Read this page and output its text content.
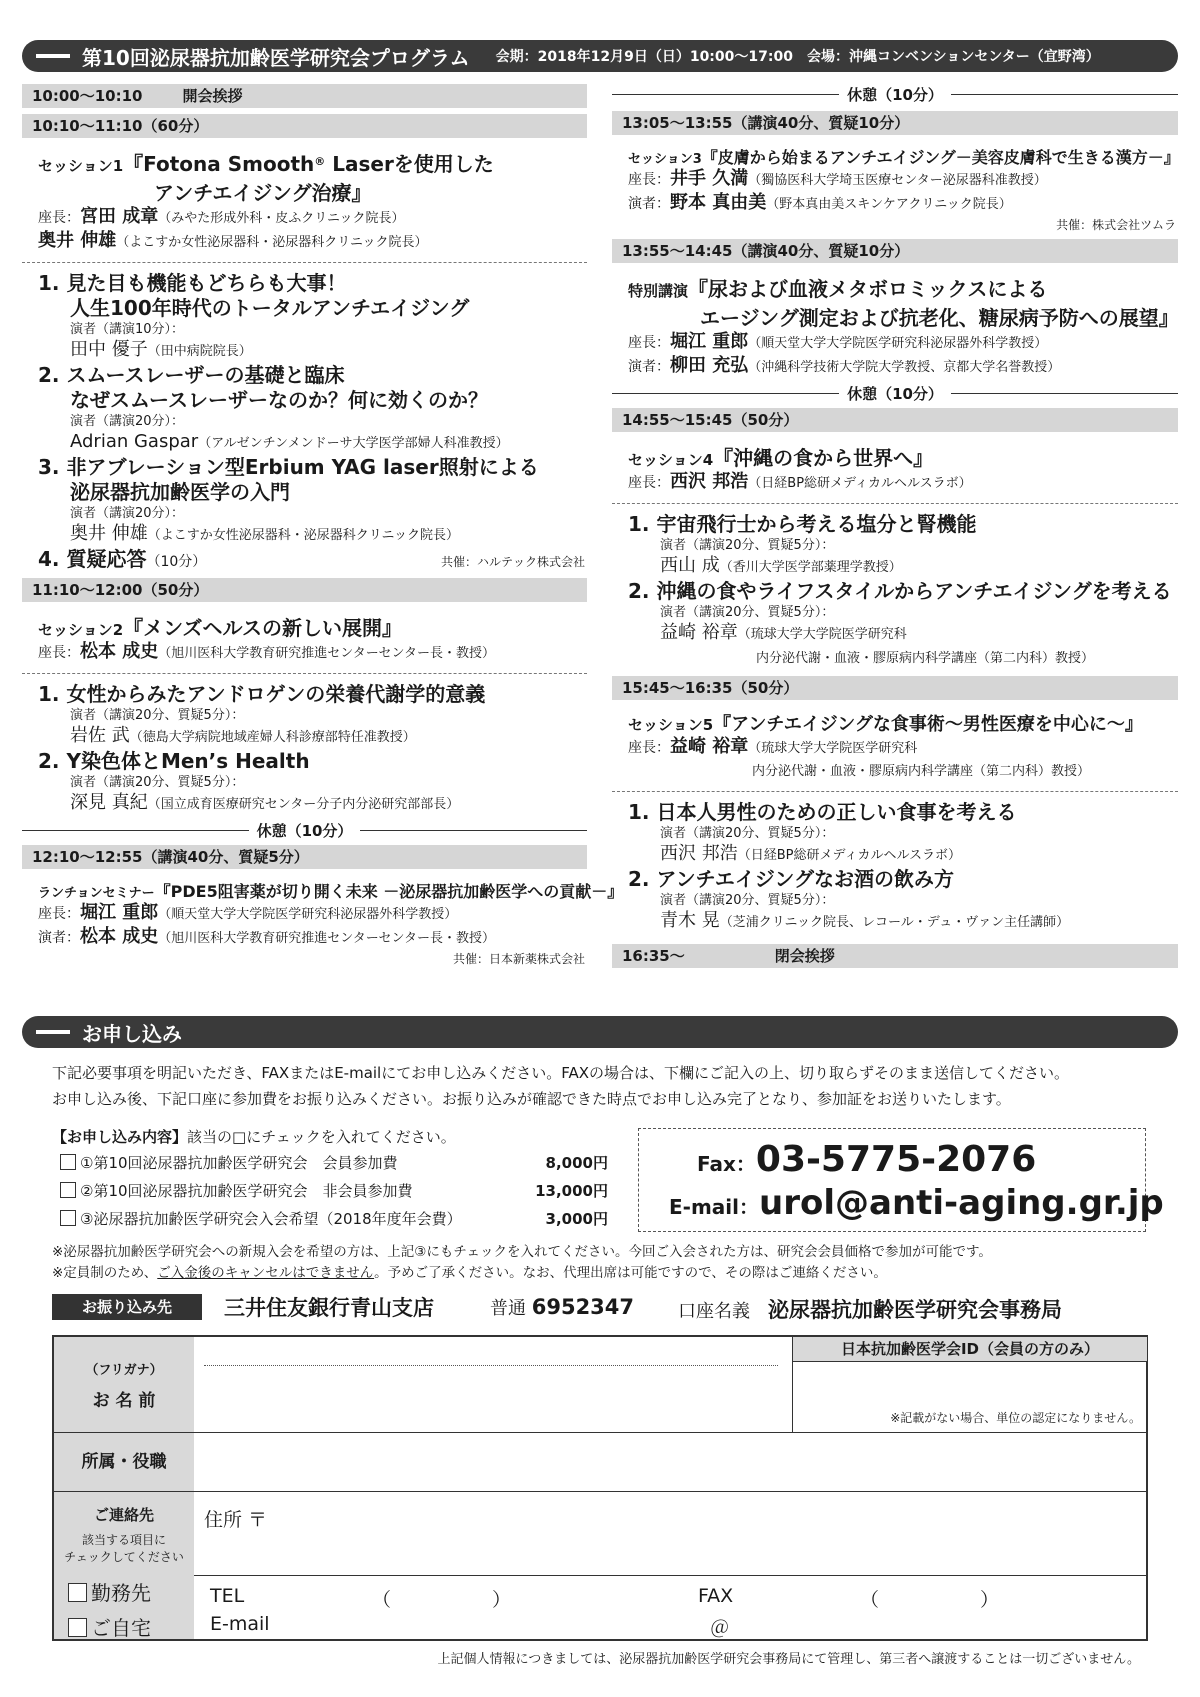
第10回泌尿器抗加齢医学研究会プログラム 会期：2018年12月9日（日）10:00～17:00　会場：沖縄コンベンションセンター（宜野湾）
10:00～10:10	開会挨拶
10:10～11:10（60分）
セッション1『Fotona Smooth® Laserを使用した
アンチエイジング治療』
座長：宮田 成章（みやた形成外科・皮ふクリニック院長）
奥井 伸雄（よこすか女性泌尿器科・泌尿器科クリニック院長）
1. 見た目も機能もどちらも大事！
人生100年時代のトータルアンチエイジング
演者（講演10分）：
田中 優子（田中病院院長）
2. スムースレーザーの基礎と臨床
なぜスムースレーザーなのか？何に効くのか？
演者（講演20分）：
Adrian Gaspar（アルゼンチンメンドーサ大学医学部婦人科准教授）
3. 非アブレーション型Erbium YAG laser照射による
泌尿器抗加齢医学の入門
演者（講演20分）：
奥井 伸雄（よこすか女性泌尿器科・泌尿器科クリニック院長）
4. 質疑応答（10分）	共催：ハルテック株式会社
11:10～12:00（50分）
セッション2『メンズヘルスの新しい展開』
座長：松本 成史（旭川医科大学教育研究推進センターセンター長・教授）
1. 女性からみたアンドロゲンの栄養代謝学的意義
演者（講演20分、質疑5分）：
岩佐 武（徳島大学病院地域産婦人科診療部特任准教授）
2. Y染色体とMen’s Health
演者（講演20分、質疑5分）：
深見 真紀（国立成育医療研究センター分子内分泌研究部部長）
休憩（10分）
12:10～12:55（講演40分、質疑5分）
ランチョンセミナー『PDE5阻害薬が切り開く未来 －泌尿器抗加齢医学への貢献－』
座長：堀江 重郎（順天堂大学大学院医学研究科泌尿器外科学教授）
演者：松本 成史（旭川医科大学教育研究推進センターセンター長・教授）
共催：日本新薬株式会社
休憩（10分）
13:05～13:55（講演40分、質疑10分）
セッション3『皮膚から始まるアンチエイジング－美容皮膚科で生きる漢方－』
座長：井手 久満（獨協医科大学埼玉医療センター泌尿器科准教授）
演者：野本 真由美（野本真由美スキンケアクリニック院長）
共催：株式会社ツムラ
13:55～14:45（講演40分、質疑10分）
特別講演『尿および血液メタボロミックスによる
エージング測定および抗老化、糖尿病予防への展望』
座長：堀江 重郎（順天堂大学大学院医学研究科泌尿器外科学教授）
演者：柳田 充弘（沖縄科学技術大学院大学教授、京都大学名誉教授）
休憩（10分）
14:55～15:45（50分）
セッション4『沖縄の食から世界へ』
座長：西沢 邦浩（日経BP総研メディカルヘルスラボ）
1. 宇宙飛行士から考える塩分と腎機能
演者（講演20分、質疑5分）：
西山 成（香川大学医学部薬理学教授）
2. 沖縄の食やライフスタイルからアンチエイジングを考える
演者（講演20分、質疑5分）：
益崎 裕章（琉球大学大学院医学研究科
内分泌代謝・血液・膠原病内科学講座（第二内科）教授）
15:45～16:35（50分）
セッション5『アンチエイジングな食事術～男性医療を中心に～』
座長：益崎 裕章（琉球大学大学院医学研究科
内分泌代謝・血液・膠原病内科学講座（第二内科）教授）
1. 日本人男性のための正しい食事を考える
演者（講演20分、質疑5分）：
西沢 邦浩（日経BP総研メディカルヘルスラボ）
2. アンチエイジングなお酒の飲み方
演者（講演20分、質疑5分）：
青木 晃（芝浦クリニック院長、レコール・デュ・ヴァン主任講師）
16:35～	閉会挨拶
お申し込み
下記必要事項を明記いただき、FAXまたはE-mailにてお申し込みください。FAXの場合は、下欄にご記入の上、切り取らずそのまま送信してください。
お申し込み後、下記口座に参加費をお振り込みください。お振り込みが確認できた時点でお申し込み完了となり、参加証をお送りいたします。
【お申し込み内容】該当の□にチェックを入れてください。
①第10回泌尿器抗加齢医学研究会　会員参加費	8,000円
②第10回泌尿器抗加齢医学研究会　非会員参加費	13,000円
③泌尿器抗加齢医学研究会入会希望（2018年度年会費）	3,000円
Fax：03-5775-2076
E-mail：urol@anti-aging.gr.jp
※泌尿器抗加齢医学研究会への新規入会を希望の方は、上記③にもチェックを入れてください。今回ご入会された方は、研究会会員価格で参加が可能です。
※定員制のため、ご入金後のキャンセルはできません。予めご了承ください。なお、代理出席は可能ですので、その際はご連絡ください。
お振り込み先	三井住友銀行青山支店	普通 6952347 口座名義　 泌尿器抗加齢医学研究会事務局
（フリガナ）
お 名 前
日本抗加齢医学会ID（会員の方のみ）
※記載がない場合、単位の認定になりません。
所属・役職
ご連絡先
該当する項目に
チェックしてください
勤務先
ご自宅
住所 〒
TEL	（	）	FAX	（	）
E-mail	＠
上記個人情報につきましては、泌尿器抗加齢医学研究会事務局にて管理し、第三者へ譲渡することは一切ございません。
